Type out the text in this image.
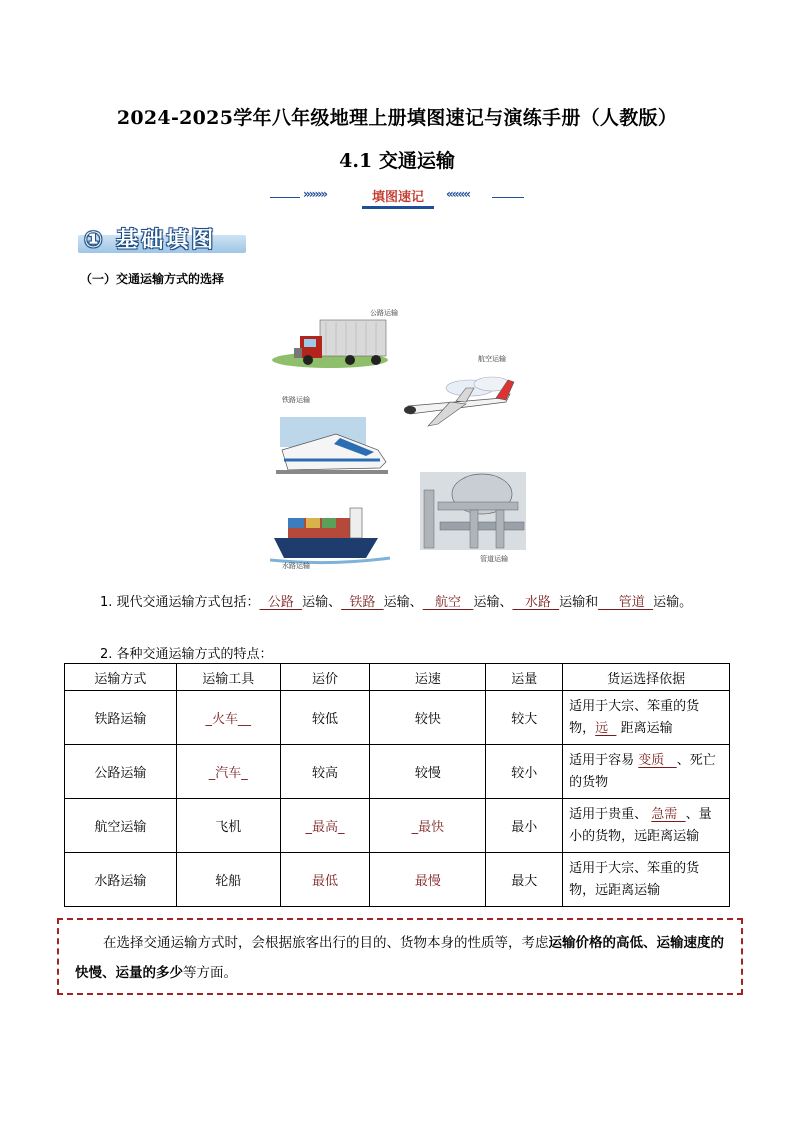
2024-2025学年八年级地理上册填图速记与演练手册（人教版）
4.1 交通运输
»»»»	填图速记	««««
① 基础填图
（一）交通运输方式的选择
公路运输
航空运输
铁路运输
水路运输
管道运输
1. 现代交通运输方式包括：  公路  运输、  铁路  运输、   航空   运输、   水路  运输和     管道  运输。
2. 各种交通运输方式的特点：
运输方式	运输工具	运价	运速	运量	货运选择依据
铁路运输	_火车__	较低	较快	较大	适用于大宗、笨重的货物，远   距离运输
公路运输	_汽车_	较高	较慢	较小	适用于容易 变质   、死亡的货物
航空运输	飞机	_最高_	_最快	最小	适用于贵重、 急需  、量小的货物，远距离运输
水路运输	轮船	最低	最慢	最大	适用于大宗、笨重的货物，远距离运输
在选择交通运输方式时，会根据旅客出行的目的、货物本身的性质等，考虑运输价格的高低、运输速度的快慢、运量的多少等方面。
